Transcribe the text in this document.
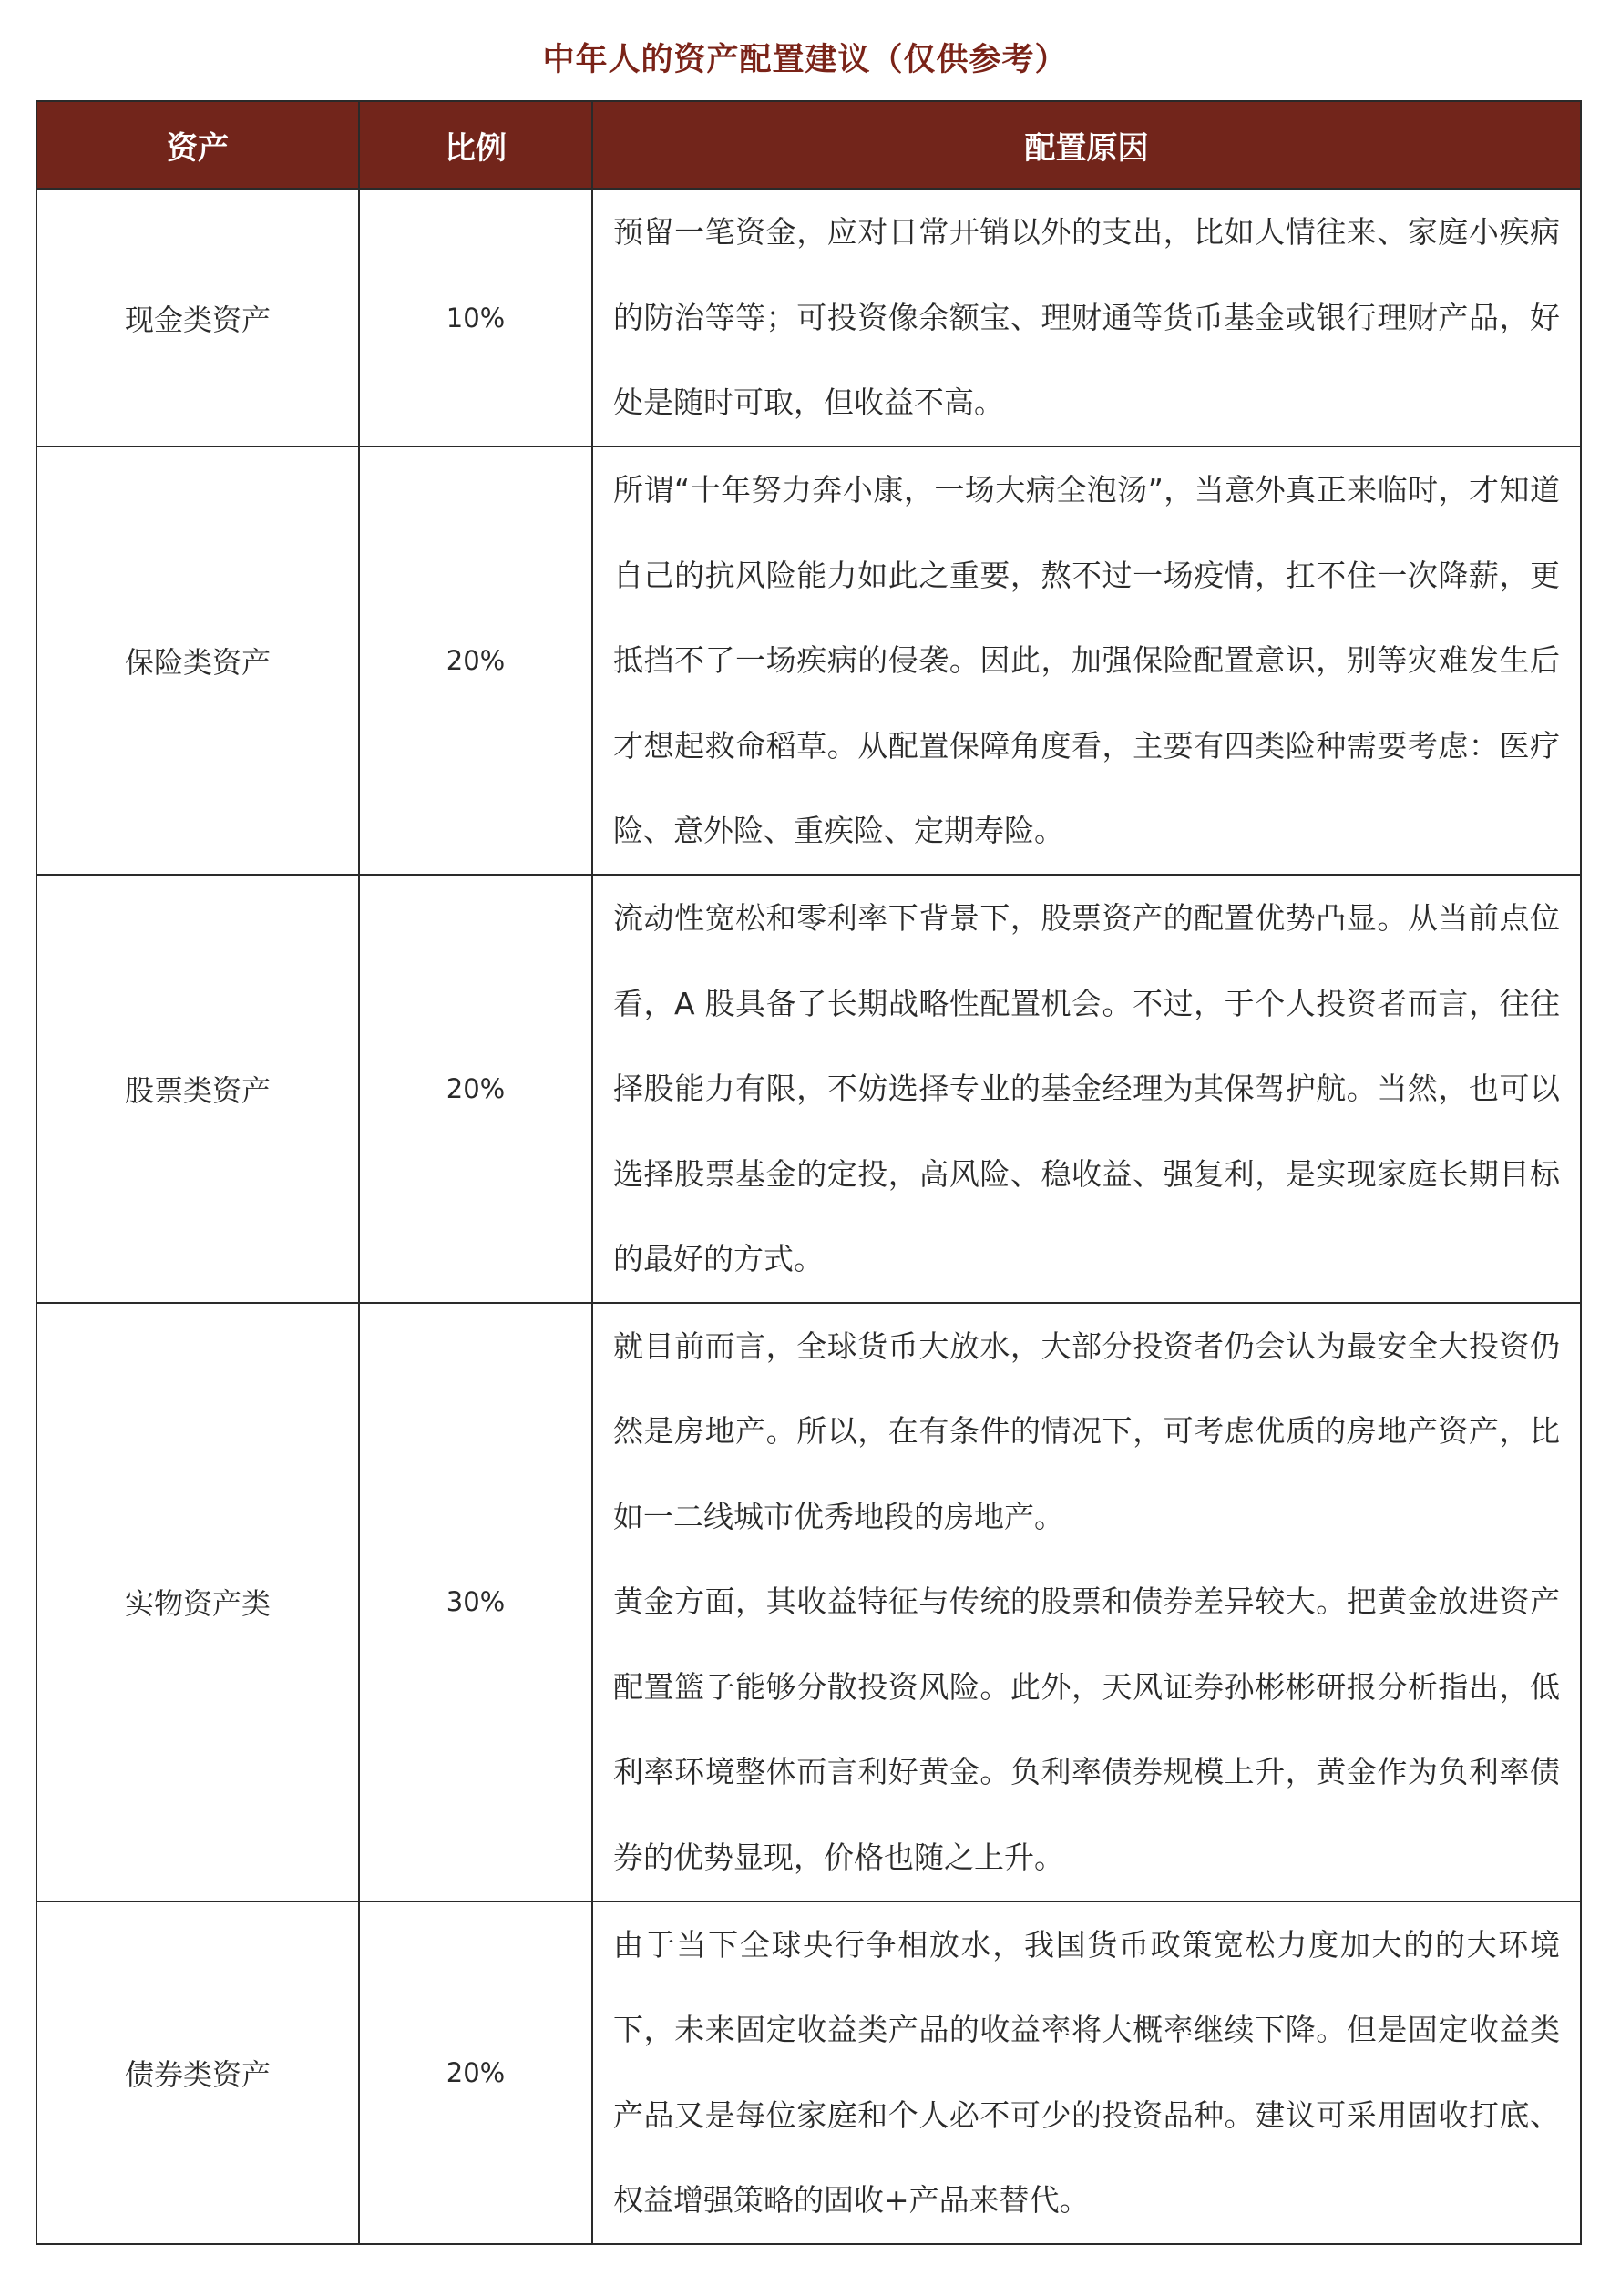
中年人的资产配置建议（仅供参考）
资产	比例	配置原因
现金类资产	10%	预留一笔资金，应对日常开销以外的支出，比如人情往来、家庭小疾病的防治等等；可投资像余额宝、理财通等货币基金或银行理财产品，好处是随时可取，但收益不高。

保险类资产	20%	所谓“十年努力奔小康，一场大病全泡汤”，当意外真正来临时，才知道自己的抗风险能力如此之重要，熬不过一场疫情，扛不住一次降薪，更抵挡不了一场疾病的侵袭。因此，加强保险配置意识，别等灾难发生后才想起救命稻草。从配置保障角度看，主要有四类险种需要考虑：医疗险、意外险、重疾险、定期寿险。

股票类资产	20%	流动性宽松和零利率下背景下，股票资产的配置优势凸显。从当前点位看，A 股具备了长期战略性配置机会。不过，于个人投资者而言，往往择股能力有限，不妨选择专业的基金经理为其保驾护航。当然，也可以选择股票基金的定投，高风险、稳收益、强复利，是实现家庭长期目标的最好的方式。

实物资产类	30%	就目前而言，全球货币大放水，大部分投资者仍会认为最安全大投资仍然是房地产。所以，在有条件的情况下，可考虑优质的房地产资产，比如一二线城市优秀地段的房地产。
黄金方面，其收益特征与传统的股票和债券差异较大。把黄金放进资产配置篮子能够分散投资风险。此外，天风证券孙彬彬研报分析指出，低利率环境整体而言利好黄金。负利率债券规模上升，黄金作为负利率债券的优势显现，价格也随之上升。

债券类资产	20%	由于当下全球央行争相放水，我国货币政策宽松力度加大的的大环境下，未来固定收益类产品的收益率将大概率继续下降。但是固定收益类产品又是每位家庭和个人必不可少的投资品种。建议可采用固收打底、权益增强策略的固收+产品来替代。
